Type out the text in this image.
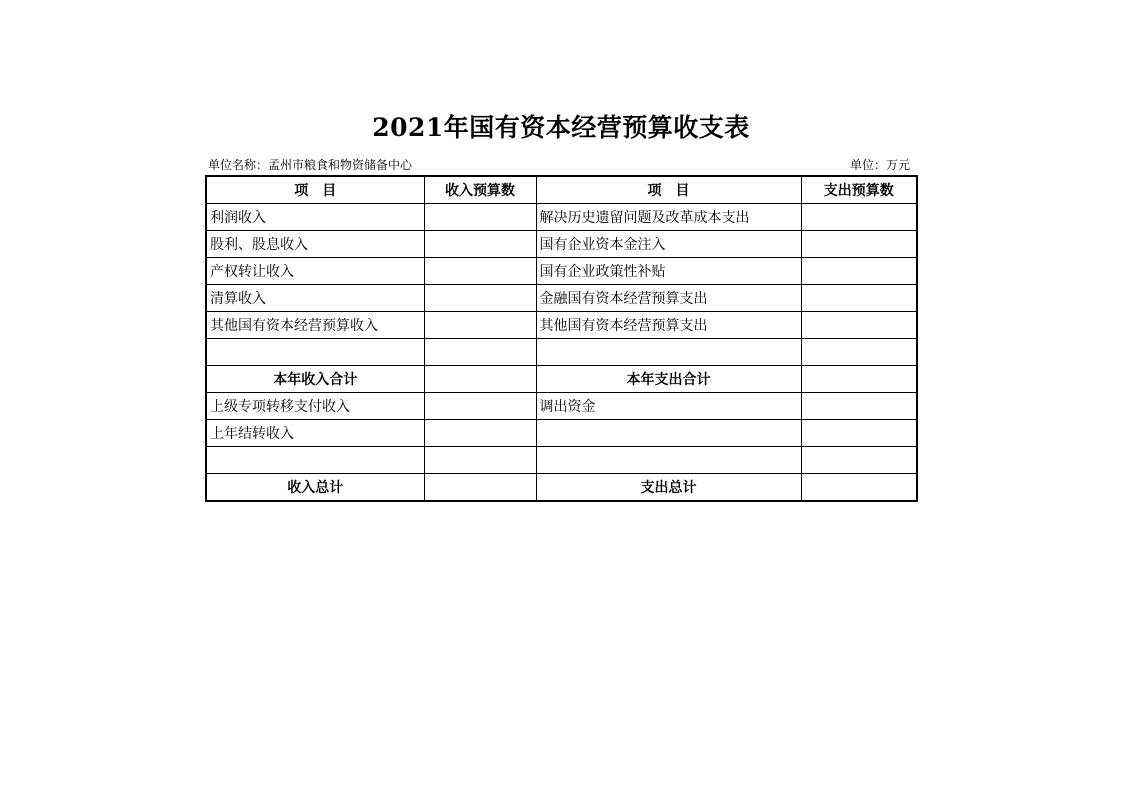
2021年国有资本经营预算收支表
单位名称：孟州市粮食和物资储备中心	单位：万元
项　目	收入预算数	项　目	支出预算数
利润收入		解决历史遗留问题及改革成本支出	
股利、股息收入		国有企业资本金注入	
产权转让收入		国有企业政策性补贴	
清算收入		金融国有资本经营预算支出	
其他国有资本经营预算收入		其他国有资本经营预算支出	

本年收入合计		本年支出合计	
上级专项转移支付收入		调出资金	
上年结转收入			

收入总计		支出总计	
